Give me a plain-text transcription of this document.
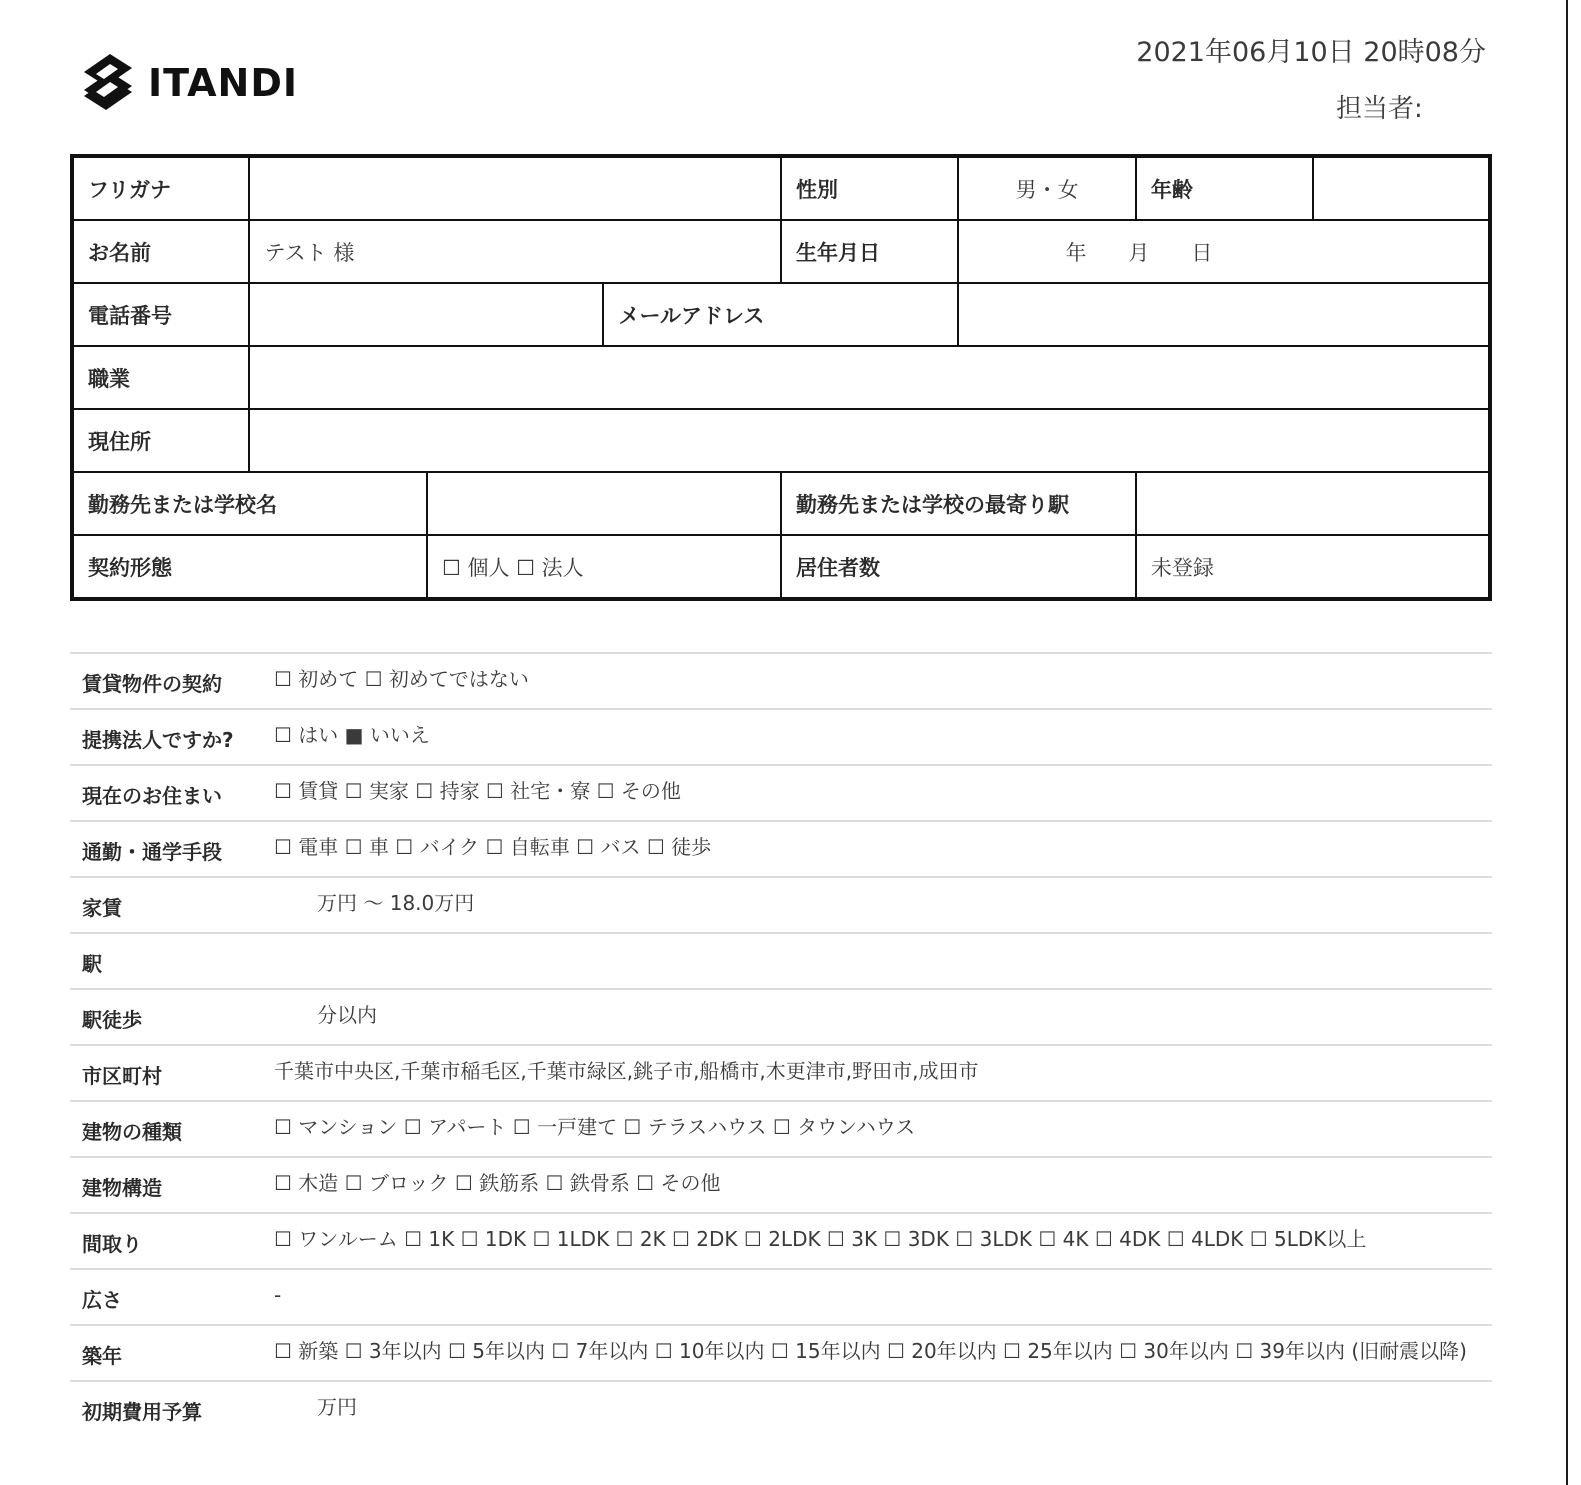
ITANDI
2021年06月10日 20時08分
担当者:
フリガナ				性別	男・女	年齢	
お名前	テスト 様			生年月日	年　　月　　日		
電話番号			メールアドレス				
職業							
現住所							
勤務先または学校名				勤務先または学校の最寄り駅			
契約形態		☐ 個人 ☐ 法人		居住者数		未登録	
賃貸物件の契約	☐ 初めて ☐ 初めてではない
提携法人ですか?	☐ はい ■ いいえ
現在のお住まい	☐ 賃貸 ☐ 実家 ☐ 持家 ☐ 社宅・寮 ☐ その他
通勤・通学手段	☐ 電車 ☐ 車 ☐ バイク ☐ 自転車 ☐ バス ☐ 徒歩
家賃	万円 〜 18.0万円
駅
駅徒歩	分以内
市区町村	千葉市中央区,千葉市稲毛区,千葉市緑区,銚子市,船橋市,木更津市,野田市,成田市
建物の種類	☐ マンション ☐ アパート ☐ 一戸建て ☐ テラスハウス ☐ タウンハウス
建物構造	☐ 木造 ☐ ブロック ☐ 鉄筋系 ☐ 鉄骨系 ☐ その他
間取り	☐ ワンルーム ☐ 1K ☐ 1DK ☐ 1LDK ☐ 2K ☐ 2DK ☐ 2LDK ☐ 3K ☐ 3DK ☐ 3LDK ☐ 4K ☐ 4DK ☐ 4LDK ☐ 5LDK以上
広さ	-
築年	☐ 新築 ☐ 3年以内 ☐ 5年以内 ☐ 7年以内 ☐ 10年以内 ☐ 15年以内 ☐ 20年以内 ☐ 25年以内 ☐ 30年以内 ☐ 39年以内 (旧耐震以降)
初期費用予算	万円
